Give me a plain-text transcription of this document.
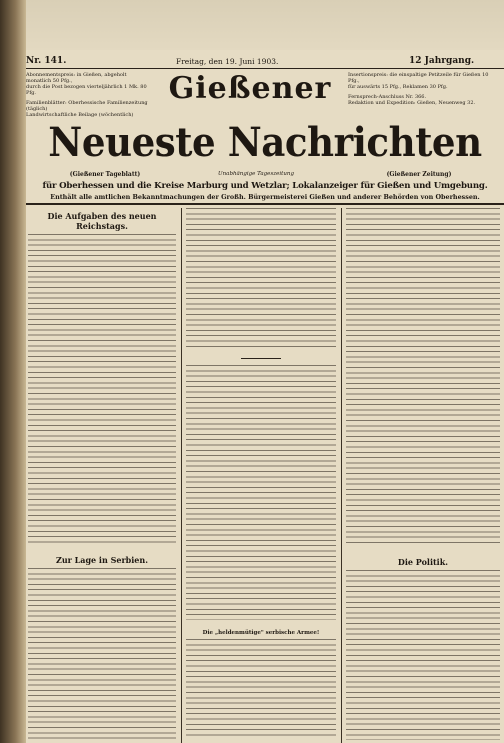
Nr. 141.	Freitag, den 19. Juni 1903.	12 Jahrgang.
Abonnementspreis: in Gießen, abgeholt monatlich 50 Pfg.,
durch die Post bezogen vierteljährlich 1 Mk. 80 Pfg.
Familienblätter: Oberhessische Familienzeitung (täglich)
Landwirtschaftliche Beilage (wöchentlich)
Insertionspreis: die einspaltige Petitzeile für Gießen 10 Pfg.,
für auswärts 15 Pfg., Reklamen 30 Pfg.
Fernsprech-Anschluss Nr. 366.
Redaktion und Expedition: Gießen, Neuenweg 32.
Gießener
Neueste Nachrichten
(Gießener Tageblatt)	Unabhängige Tageszeitung	(Gießener Zeitung)
für Oberhessen und die Kreise Marburg und Wetzlar; Lokalanzeiger für Gießen und Umgebung.
Enthält alle amtlichen Bekanntmachungen der Großh. Bürgermeisterei Gießen und anderer Behörden von Oberhessen.
Die Aufgaben des neuen Reichstags.
Zur Lage in Serbien.
Die „heldenmütige" serbische Armee!
Die Politik.
